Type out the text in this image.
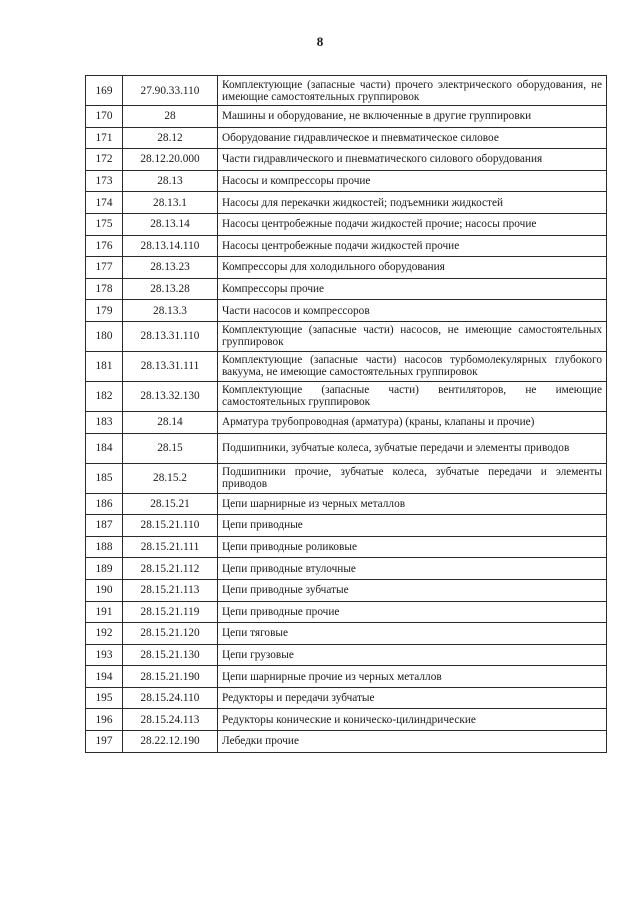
8
169	27.90.33.110	Комплектующие (запасные части) прочего электрического оборудования, не имеющие самостоятельных группировок
170	28	Машины и оборудование, не включенные в другие группировки
171	28.12	Оборудование гидравлическое и пневматическое силовое
172	28.12.20.000	Части гидравлического и пневматического силового оборудования
173	28.13	Насосы и компрессоры прочие
174	28.13.1	Насосы для перекачки жидкостей; подъемники жидкостей
175	28.13.14	Насосы центробежные подачи жидкостей прочие; насосы прочие
176	28.13.14.110	Насосы центробежные подачи жидкостей прочие
177	28.13.23	Компрессоры для холодильного оборудования
178	28.13.28	Компрессоры прочие
179	28.13.3	Части насосов и компрессоров
180	28.13.31.110	Комплектующие (запасные части) насосов, не имеющие самостоятельных группировок
181	28.13.31.111	Комплектующие (запасные части) насосов турбомолекулярных глубокого вакуума, не имеющие самостоятельных группировок
182	28.13.32.130	Комплектующие (запасные части) вентиляторов, не имеющие самостоятельных группировок
183	28.14	Арматура трубопроводная (арматура) (краны, клапаны и прочие)
184	28.15	Подшипники, зубчатые колеса, зубчатые передачи и элементы приводов
185	28.15.2	Подшипники прочие, зубчатые колеса, зубчатые передачи и элементы приводов
186	28.15.21	Цепи шарнирные из черных металлов
187	28.15.21.110	Цепи приводные
188	28.15.21.111	Цепи приводные роликовые
189	28.15.21.112	Цепи приводные втулочные
190	28.15.21.113	Цепи приводные зубчатые
191	28.15.21.119	Цепи приводные прочие
192	28.15.21.120	Цепи тяговые
193	28.15.21.130	Цепи грузовые
194	28.15.21.190	Цепи шарнирные прочие из черных металлов
195	28.15.24.110	Редукторы и передачи зубчатые
196	28.15.24.113	Редукторы конические и коническо-цилиндрические
197	28.22.12.190	Лебедки прочие
